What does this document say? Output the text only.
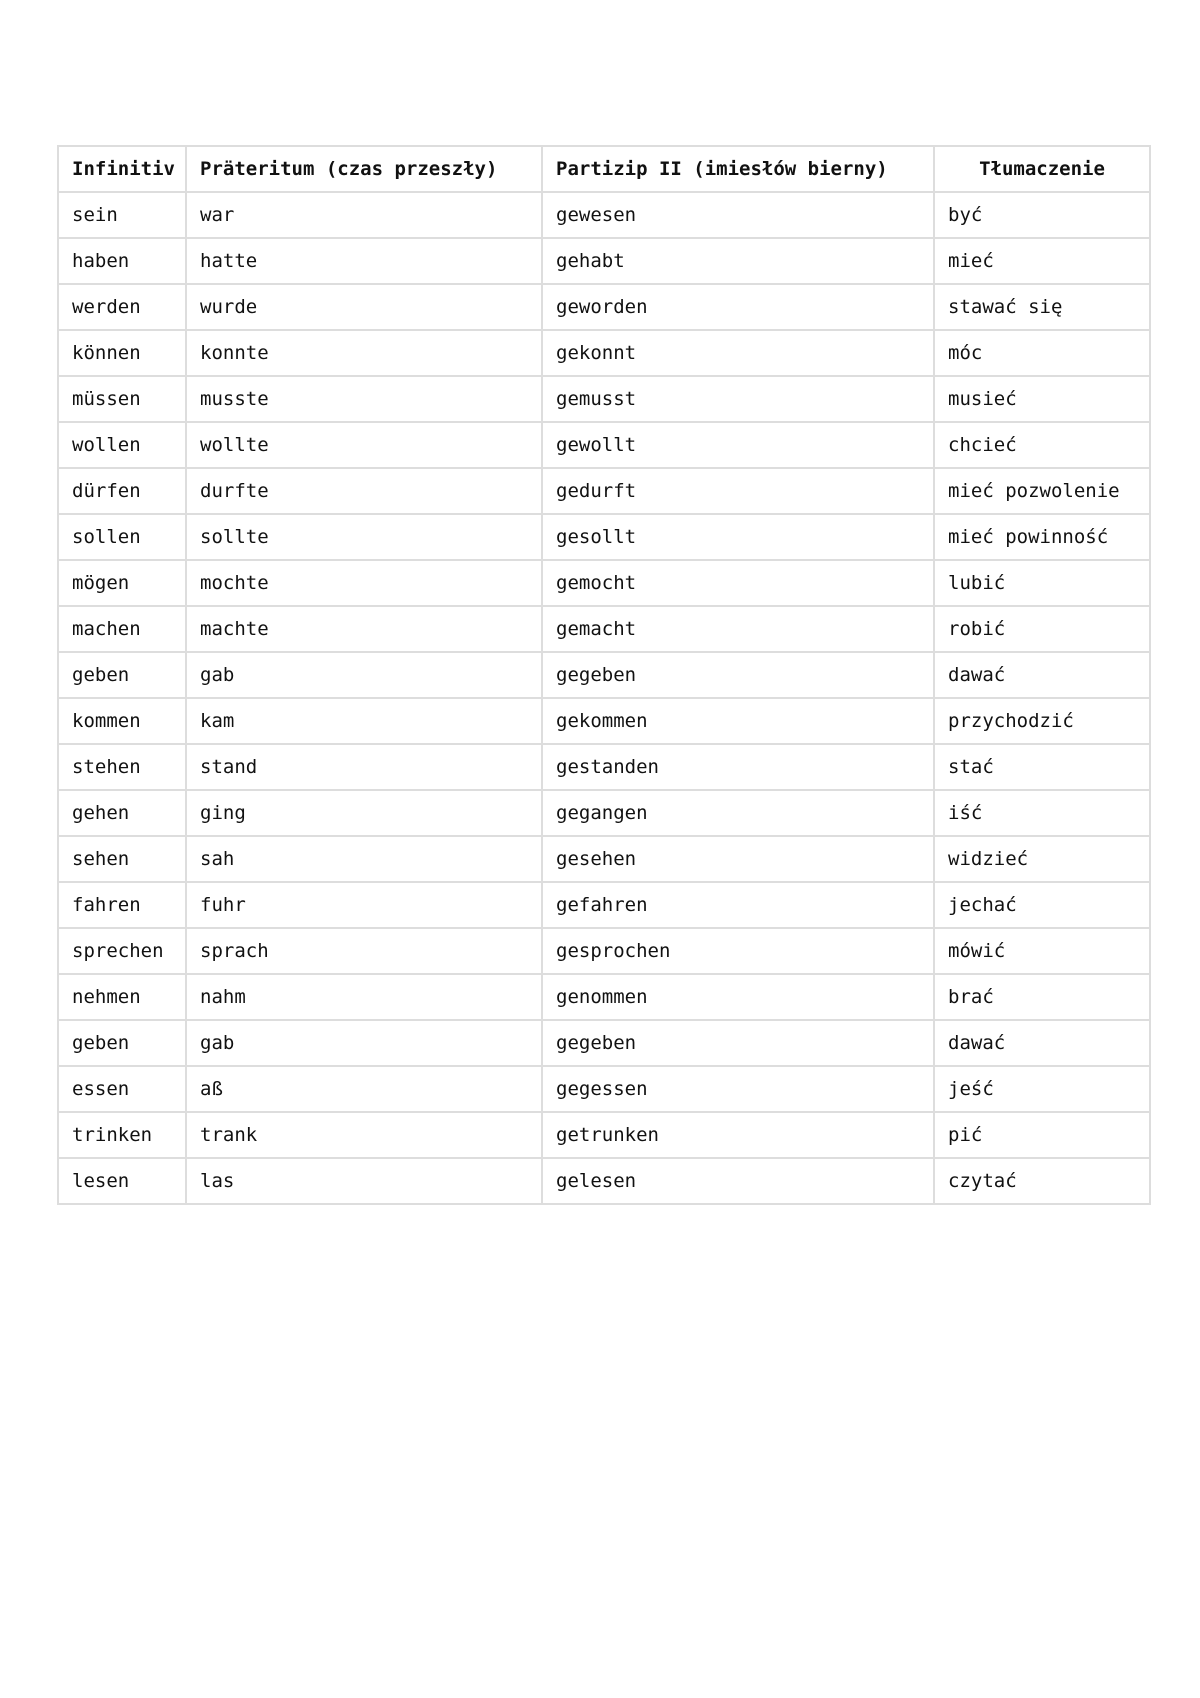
Infinitiv	Präteritum (czas przeszły)	Partizip II (imiesłów bierny)	Tłumaczenie
sein	war	gewesen	być
haben	hatte	gehabt	mieć
werden	wurde	geworden	stawać się
können	konnte	gekonnt	móc
müssen	musste	gemusst	musieć
wollen	wollte	gewollt	chcieć
dürfen	durfte	gedurft	mieć pozwolenie
sollen	sollte	gesollt	mieć powinność
mögen	mochte	gemocht	lubić
machen	machte	gemacht	robić
geben	gab	gegeben	dawać
kommen	kam	gekommen	przychodzić
stehen	stand	gestanden	stać
gehen	ging	gegangen	iść
sehen	sah	gesehen	widzieć
fahren	fuhr	gefahren	jechać
sprechen	sprach	gesprochen	mówić
nehmen	nahm	genommen	brać
geben	gab	gegeben	dawać
essen	aß	gegessen	jeść
trinken	trank	getrunken	pić
lesen	las	gelesen	czytać
